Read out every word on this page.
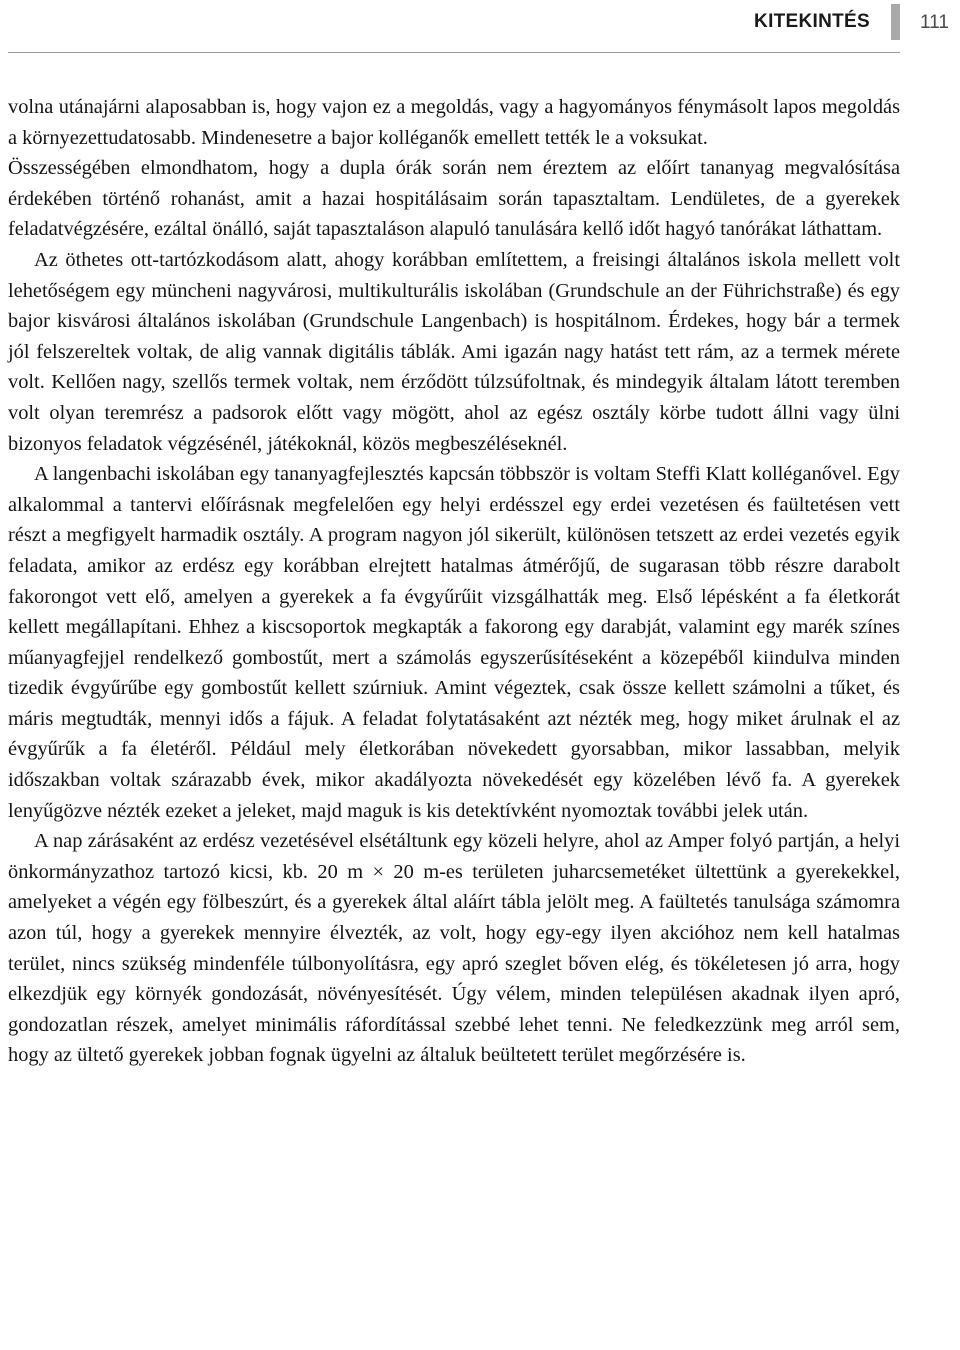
KITEKINTÉS	111

volna utánajárni alaposabban is, hogy vajon ez a megoldás, vagy a hagyományos fénymásolt lapos megoldás a környezettudatosabb. Mindenesetre a bajor kolléganők emellett tették le a voksukat.

Összességében elmondhatom, hogy a dupla órák során nem éreztem az előírt tananyag megvalósítása érdekében történő rohanást, amit a hazai hospitálásaim során tapasztaltam. Lendületes, de a gyerekek feladatvégzésére, ezáltal önálló, saját tapasztaláson alapuló tanulására kellő időt hagyó tanórákat láthattam.

Az öthetes ott-tartózkodásom alatt, ahogy korábban említettem, a freisingi általános iskola mellett volt lehetőségem egy müncheni nagyvárosi, multikulturális iskolában (Grundschule an der Führichstraße) és egy bajor kisvárosi általános iskolában (Grundschule Langenbach) is hospitálnom. Érdekes, hogy bár a termek jól felszereltek voltak, de alig vannak digitális táblák. Ami igazán nagy hatást tett rám, az a termek mérete volt. Kellően nagy, szellős termek voltak, nem érződött túlzsúfoltnak, és mindegyik általam látott teremben volt olyan teremrész a padsorok előtt vagy mögött, ahol az egész osztály körbe tudott állni vagy ülni bizonyos feladatok végzésénél, játékoknál, közös megbeszéléseknél.

A langenbachi iskolában egy tananyagfejlesztés kapcsán többször is voltam Steffi Klatt kolléganővel. Egy alkalommal a tantervi előírásnak megfelelően egy helyi erdésszel egy erdei vezetésen és faültetésen vett részt a megfigyelt harmadik osztály. A program nagyon jól sikerült, különösen tetszett az erdei vezetés egyik feladata, amikor az erdész egy korábban elrejtett hatalmas átmérőjű, de sugarasan több részre darabolt fakorongot vett elő, amelyen a gyerekek a fa évgyűrűit vizsgálhatták meg. Első lépésként a fa életkorát kellett megállapítani. Ehhez a kiscsoportok megkapták a fakorong egy darabját, valamint egy marék színes műanyagfejjel rendelkező gombostűt, mert a számolás egyszerűsítéseként a közepéből kiindulva minden tizedik évgyűrűbe egy gombostűt kellett szúrniuk. Amint végeztek, csak össze kellett számolni a tűket, és máris megtudták, mennyi idős a fájuk. A feladat folytatásaként azt nézték meg, hogy miket árulnak el az évgyűrűk a fa életéről. Például mely életkorában növekedett gyorsabban, mikor lassabban, melyik időszakban voltak szárazabb évek, mikor akadályozta növekedését egy közelében lévő fa. A gyerekek lenyűgözve nézték ezeket a jeleket, majd maguk is kis detektívként nyomoztak további jelek után.

A nap zárásaként az erdész vezetésével elsétáltunk egy közeli helyre, ahol az Amper folyó partján, a helyi önkormányzathoz tartozó kicsi, kb. 20 m × 20 m-es területen juharcsemetéket ültettünk a gyerekekkel, amelyeket a végén egy fölbeszúrt, és a gyerekek által aláírt tábla jelölt meg. A faültetés tanulsága számomra azon túl, hogy a gyerekek mennyire élvezték, az volt, hogy egy-egy ilyen akcióhoz nem kell hatalmas terület, nincs szükség mindenféle túlbonyolításra, egy apró szeglet bőven elég, és tökéletesen jó arra, hogy elkezdjük egy környék gondozását, növényesítését. Úgy vélem, minden településen akadnak ilyen apró, gondozatlan részek, amelyet minimális ráfordítással szebbé lehet tenni. Ne feledkezzünk meg arról sem, hogy az ültető gyerekek jobban fognak ügyelni az általuk beültetett terület megőrzésére is.
